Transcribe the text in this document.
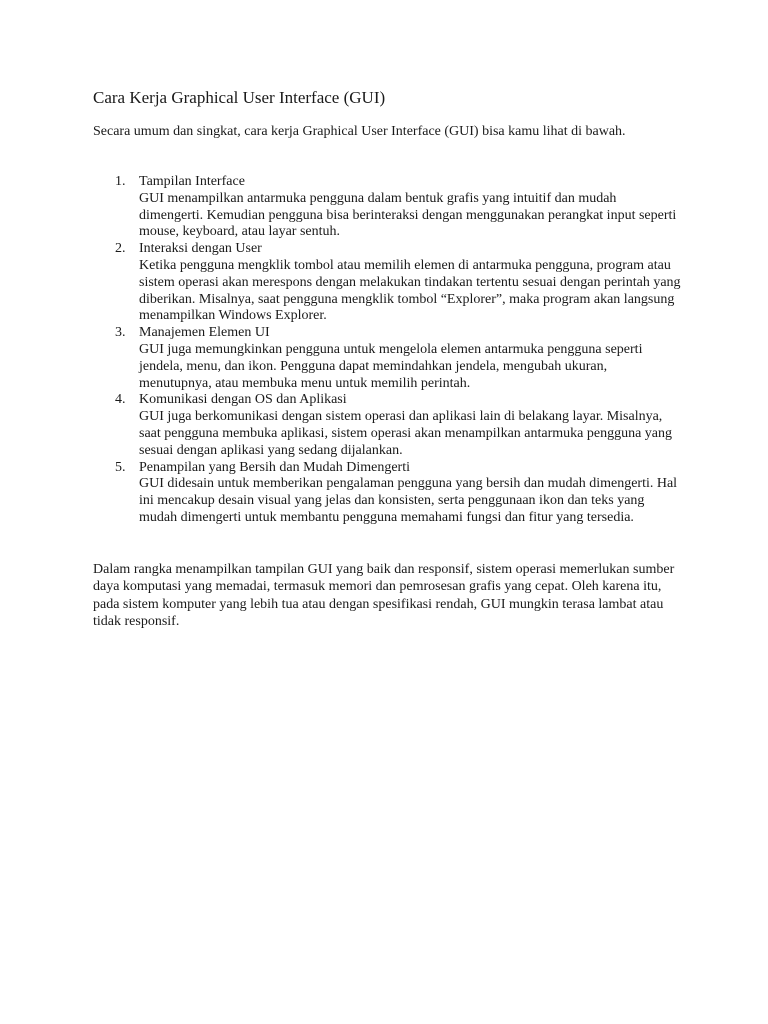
Cara Kerja Graphical User Interface (GUI)

Secara umum dan singkat, cara kerja Graphical User Interface (GUI) bisa kamu lihat di bawah.

1. Tampilan Interface
GUI menampilkan antarmuka pengguna dalam bentuk grafis yang intuitif dan mudah dimengerti. Kemudian pengguna bisa berinteraksi dengan menggunakan perangkat input seperti mouse, keyboard, atau layar sentuh.
2. Interaksi dengan User
Ketika pengguna mengklik tombol atau memilih elemen di antarmuka pengguna, program atau sistem operasi akan merespons dengan melakukan tindakan tertentu sesuai dengan perintah yang diberikan. Misalnya, saat pengguna mengklik tombol “Explorer”, maka program akan langsung menampilkan Windows Explorer.
3. Manajemen Elemen UI
GUI juga memungkinkan pengguna untuk mengelola elemen antarmuka pengguna seperti jendela, menu, dan ikon. Pengguna dapat memindahkan jendela, mengubah ukuran, menutupnya, atau membuka menu untuk memilih perintah.
4. Komunikasi dengan OS dan Aplikasi
GUI juga berkomunikasi dengan sistem operasi dan aplikasi lain di belakang layar. Misalnya, saat pengguna membuka aplikasi, sistem operasi akan menampilkan antarmuka pengguna yang sesuai dengan aplikasi yang sedang dijalankan.
5. Penampilan yang Bersih dan Mudah Dimengerti
GUI didesain untuk memberikan pengalaman pengguna yang bersih dan mudah dimengerti. Hal ini mencakup desain visual yang jelas dan konsisten, serta penggunaan ikon dan teks yang mudah dimengerti untuk membantu pengguna memahami fungsi dan fitur yang tersedia.

Dalam rangka menampilkan tampilan GUI yang baik dan responsif, sistem operasi memerlukan sumber daya komputasi yang memadai, termasuk memori dan pemrosesan grafis yang cepat. Oleh karena itu, pada sistem komputer yang lebih tua atau dengan spesifikasi rendah, GUI mungkin terasa lambat atau tidak responsif.
